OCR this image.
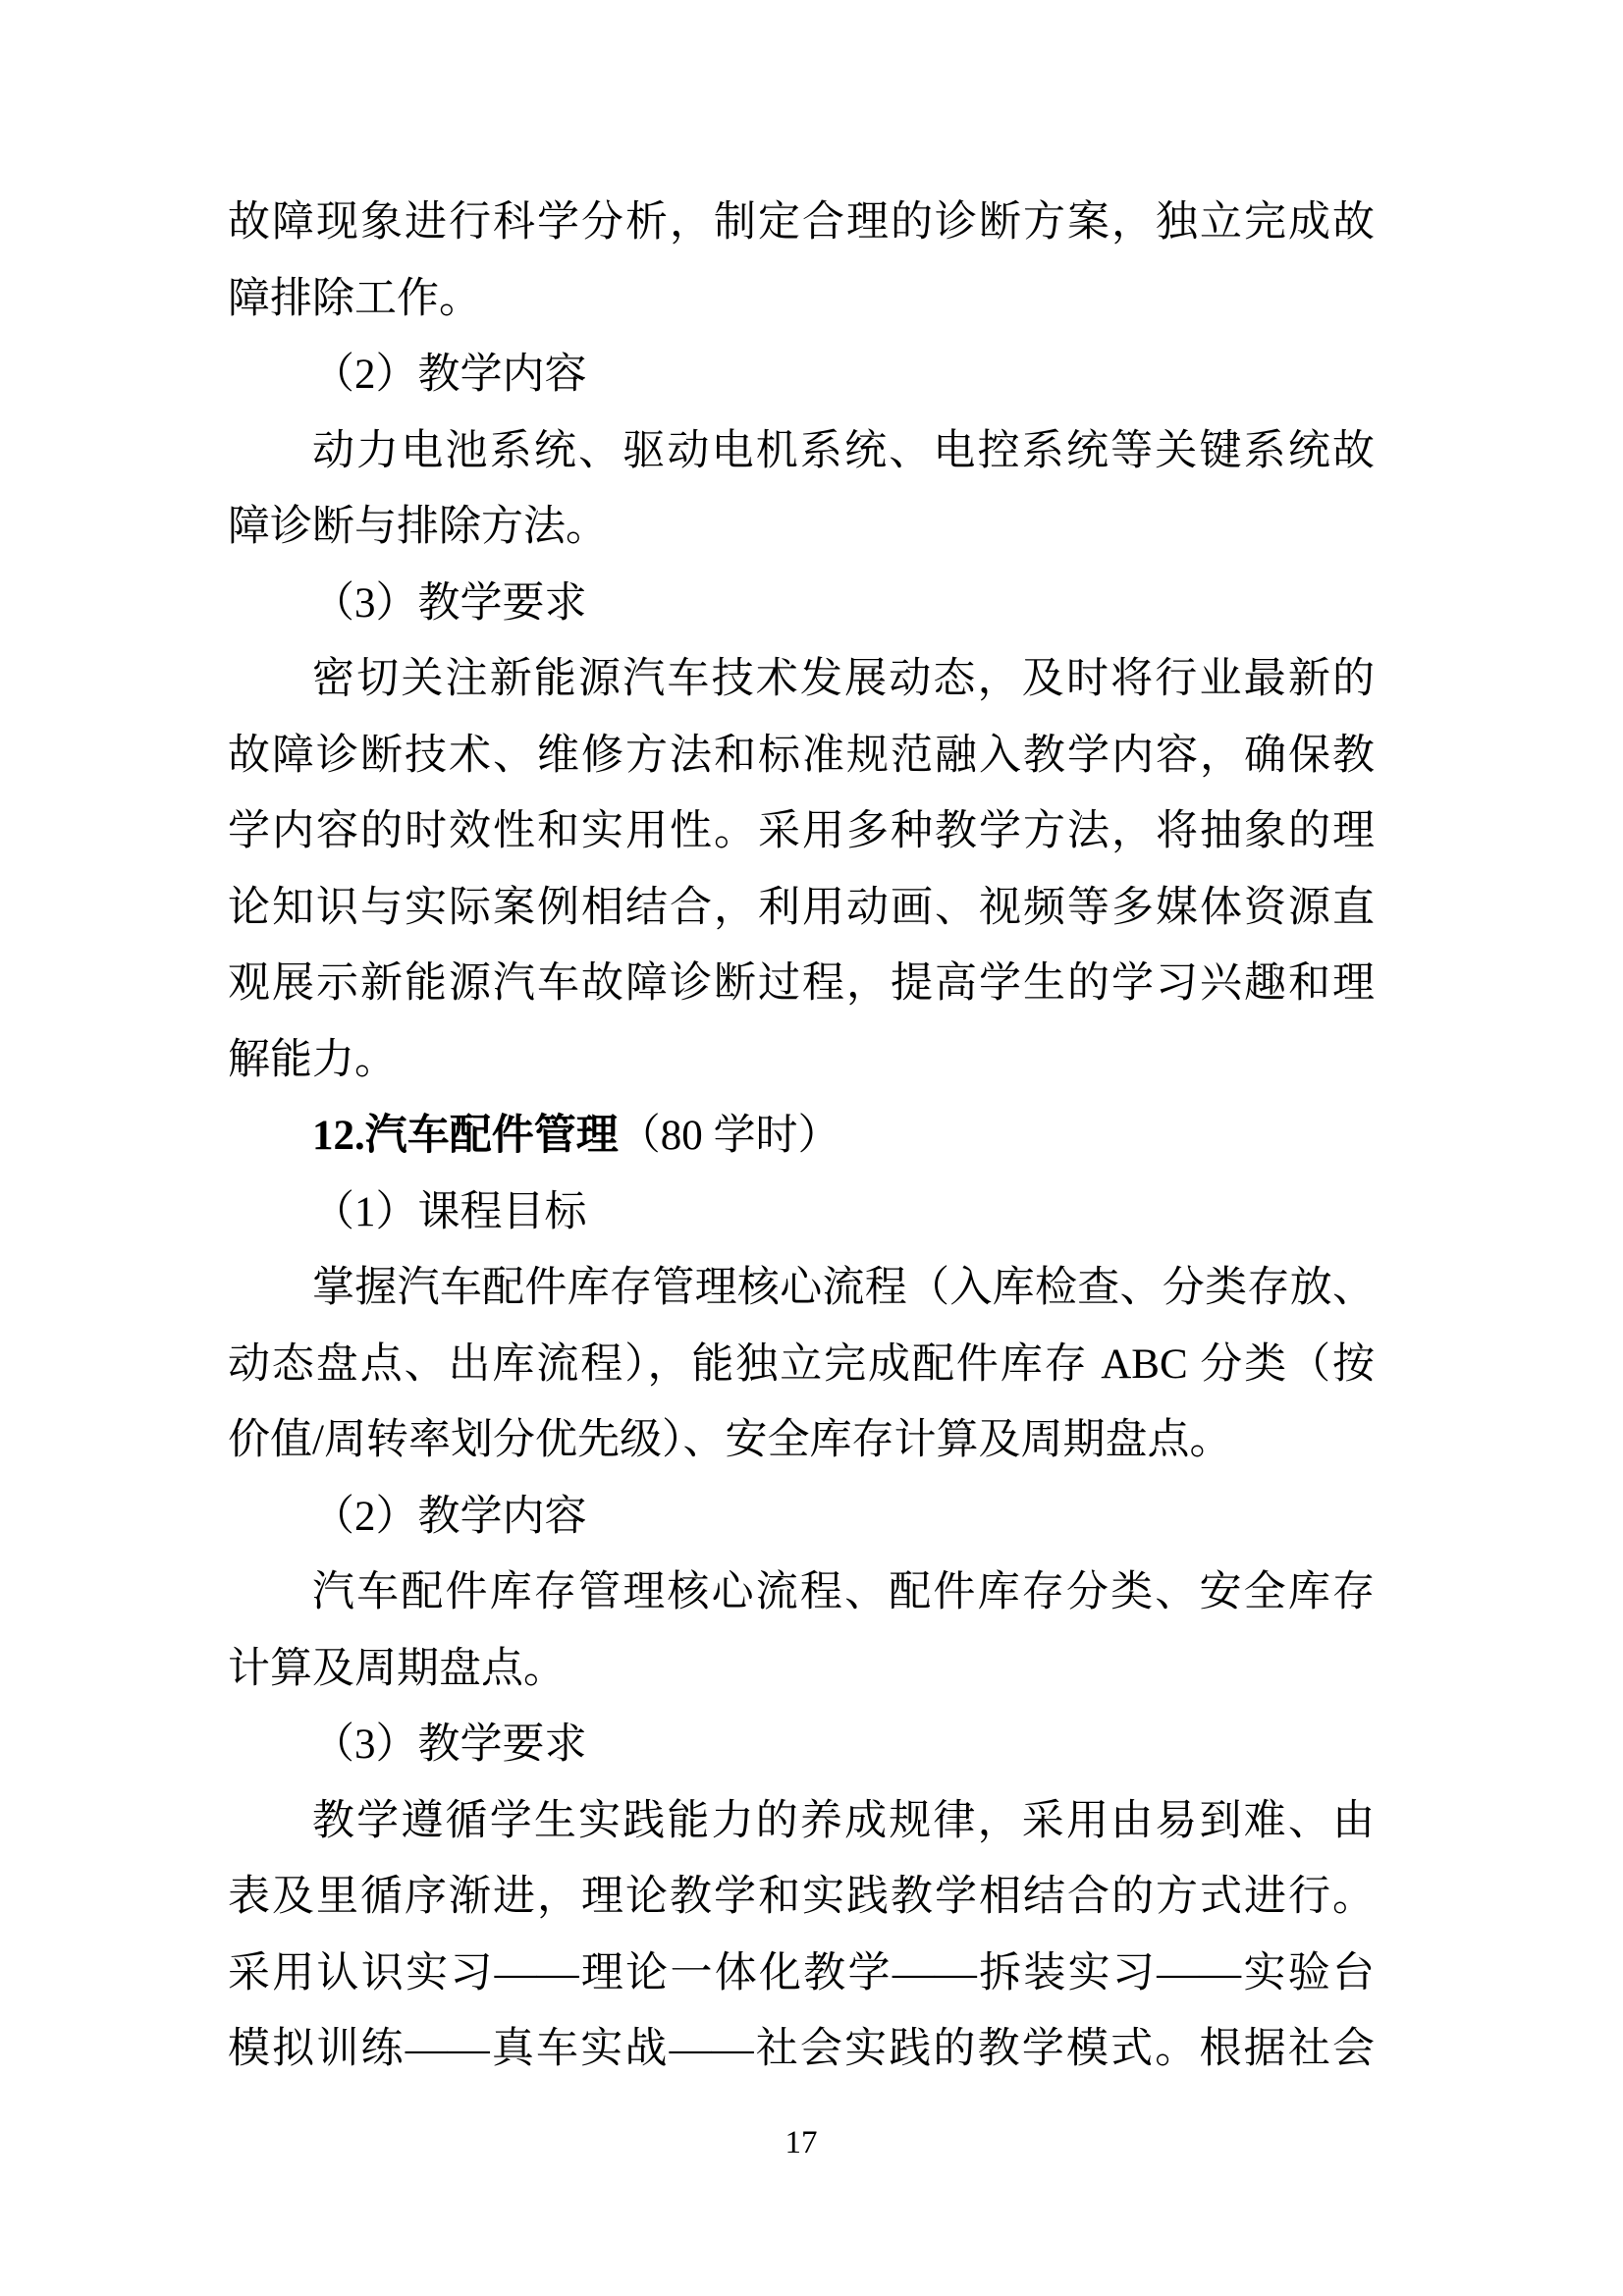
故障现象进行科学分析，制定合理的诊断方案，独立完成故
障排除工作。
（2）教学内容
动力电池系统、驱动电机系统、电控系统等关键系统故
障诊断与排除方法。
（3）教学要求
密切关注新能源汽车技术发展动态，及时将行业最新的
故障诊断技术、维修方法和标准规范融入教学内容，确保教
学内容的时效性和实用性。采用多种教学方法，将抽象的理
论知识与实际案例相结合，利用动画、视频等多媒体资源直
观展示新能源汽车故障诊断过程，提高学生的学习兴趣和理
解能力。
12.汽车配件管理（80 学时）
（1）课程目标
掌握汽车配件库存管理核心流程（入库检查、分类存放、
动态盘点、出库流程），能独立完成配件库存 ABC 分类（按
价值/周转率划分优先级）、安全库存计算及周期盘点。
（2）教学内容
汽车配件库存管理核心流程、配件库存分类、安全库存
计算及周期盘点。
（3）教学要求
教学遵循学生实践能力的养成规律，采用由易到难、由
表及里循序渐进，理论教学和实践教学相结合的方式进行。
采用认识实习——理论一体化教学——拆装实习——实验台
模拟训练——真车实战——社会实践的教学模式。根据社会
17
